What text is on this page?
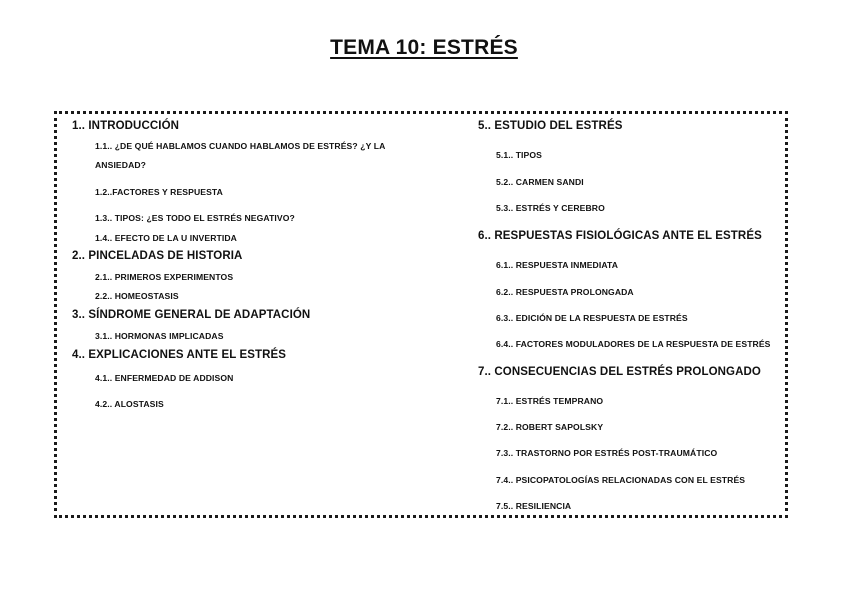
TEMA 10: ESTRÉS
1.. INTRODUCCIÓN
1.1.. ¿DE QUÉ HABLAMOS CUANDO HABLAMOS DE ESTRÉS? ¿Y LA ANSIEDAD?
1.2..FACTORES Y RESPUESTA
1.3.. TIPOS: ¿ES TODO EL ESTRÉS NEGATIVO?
1.4.. EFECTO DE LA U INVERTIDA
2.. PINCELADAS DE HISTORIA
2.1.. PRIMEROS EXPERIMENTOS
2.2.. HOMEOSTASIS
3.. SÍNDROME GENERAL DE ADAPTACIÓN
3.1.. HORMONAS IMPLICADAS
4.. EXPLICACIONES ANTE EL ESTRÉS
4.1.. ENFERMEDAD DE ADDISON
4.2.. ALOSTASIS
5.. ESTUDIO DEL ESTRÉS
5.1.. TIPOS
5.2.. CARMEN SANDI
5.3.. ESTRÉS Y CEREBRO
6.. RESPUESTAS FISIOLÓGICAS ANTE EL ESTRÉS
6.1.. RESPUESTA INMEDIATA
6.2.. RESPUESTA PROLONGADA
6.3.. EDICIÓN DE LA RESPUESTA DE ESTRÉS
6.4.. FACTORES MODULADORES DE LA RESPUESTA DE ESTRÉS
7.. CONSECUENCIAS DEL ESTRÉS PROLONGADO
7.1.. ESTRÉS TEMPRANO
7.2.. ROBERT SAPOLSKY
7.3.. TRASTORNO POR ESTRÉS POST-TRAUMÁTICO
7.4.. PSICOPATOLOGÍAS RELACIONADAS CON EL ESTRÉS
7.5.. RESILIENCIA
